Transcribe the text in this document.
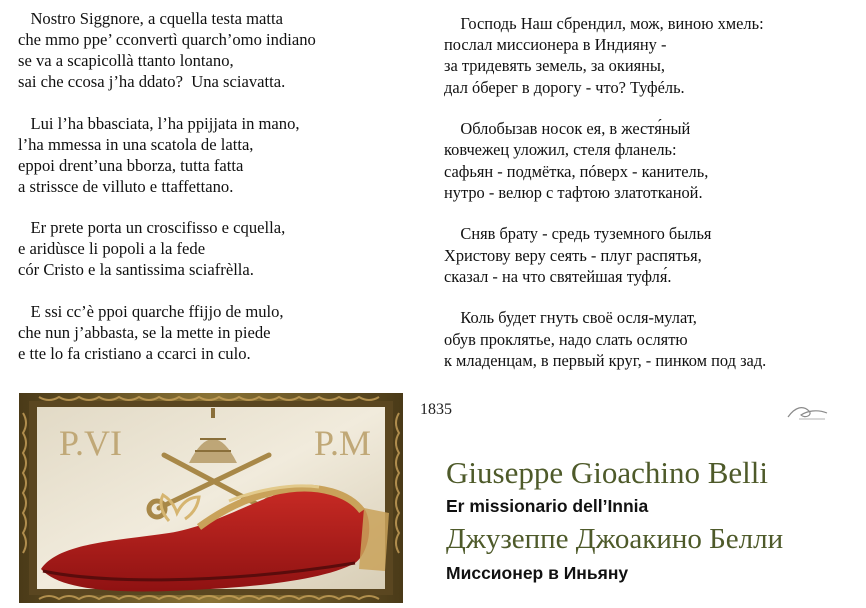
Nostro Siggnore, a cquella testa matta
che mmo ppe’ cconvertì quarch’omo indiano
se va a scapicollà ttanto lontano,
sai che ccosa j’ha ddato?  Una sciavatta.
Lui l’ha bbasciata, l’ha ppijjata in mano,
l’ha mmessa in una scatola de latta,
eppoi drent’una bborza, tutta fatta
a strissce de villuto e ttaffettano.
Er prete porta un croscifisso e cquella,
e aridùsce li popoli a la fede
cór Cristo e la santissima sciafrèlla.
E ssi cc’è ppoi quarche ffijjo de mulo,
che nun j’abbasta, se la mette in piede
e tte lo fa cristiano a ccarci in culo.
Господь Наш сбрендил, мож, виною хмель:
послал миссионера в Индияну -
за тридевять земель, за окияны,
дал óберег в дорогу - что? Туфéль.
Облобызав носок ея, в жестя́ный
ковчежец уложил, стеля фланель:
сафьян - подмётка, пóверх - канитель,
нутро - велюр с тафтою златотканой.
Сняв брату - средь туземного былья
Христову веру сеять - плуг распятья,
сказал - на что святейшая туфля́.
Коль будет гнуть своё осля-мулат,
обув проклятье, надо слать ослятю
к младенцам, в первый круг, - пинком под зад.
P.VI	P.M
1835
Giuseppe Gioachino Belli
Er missionario dell’Innia
Джузеппе Джоакино Белли
Миссионер в Иньяну
